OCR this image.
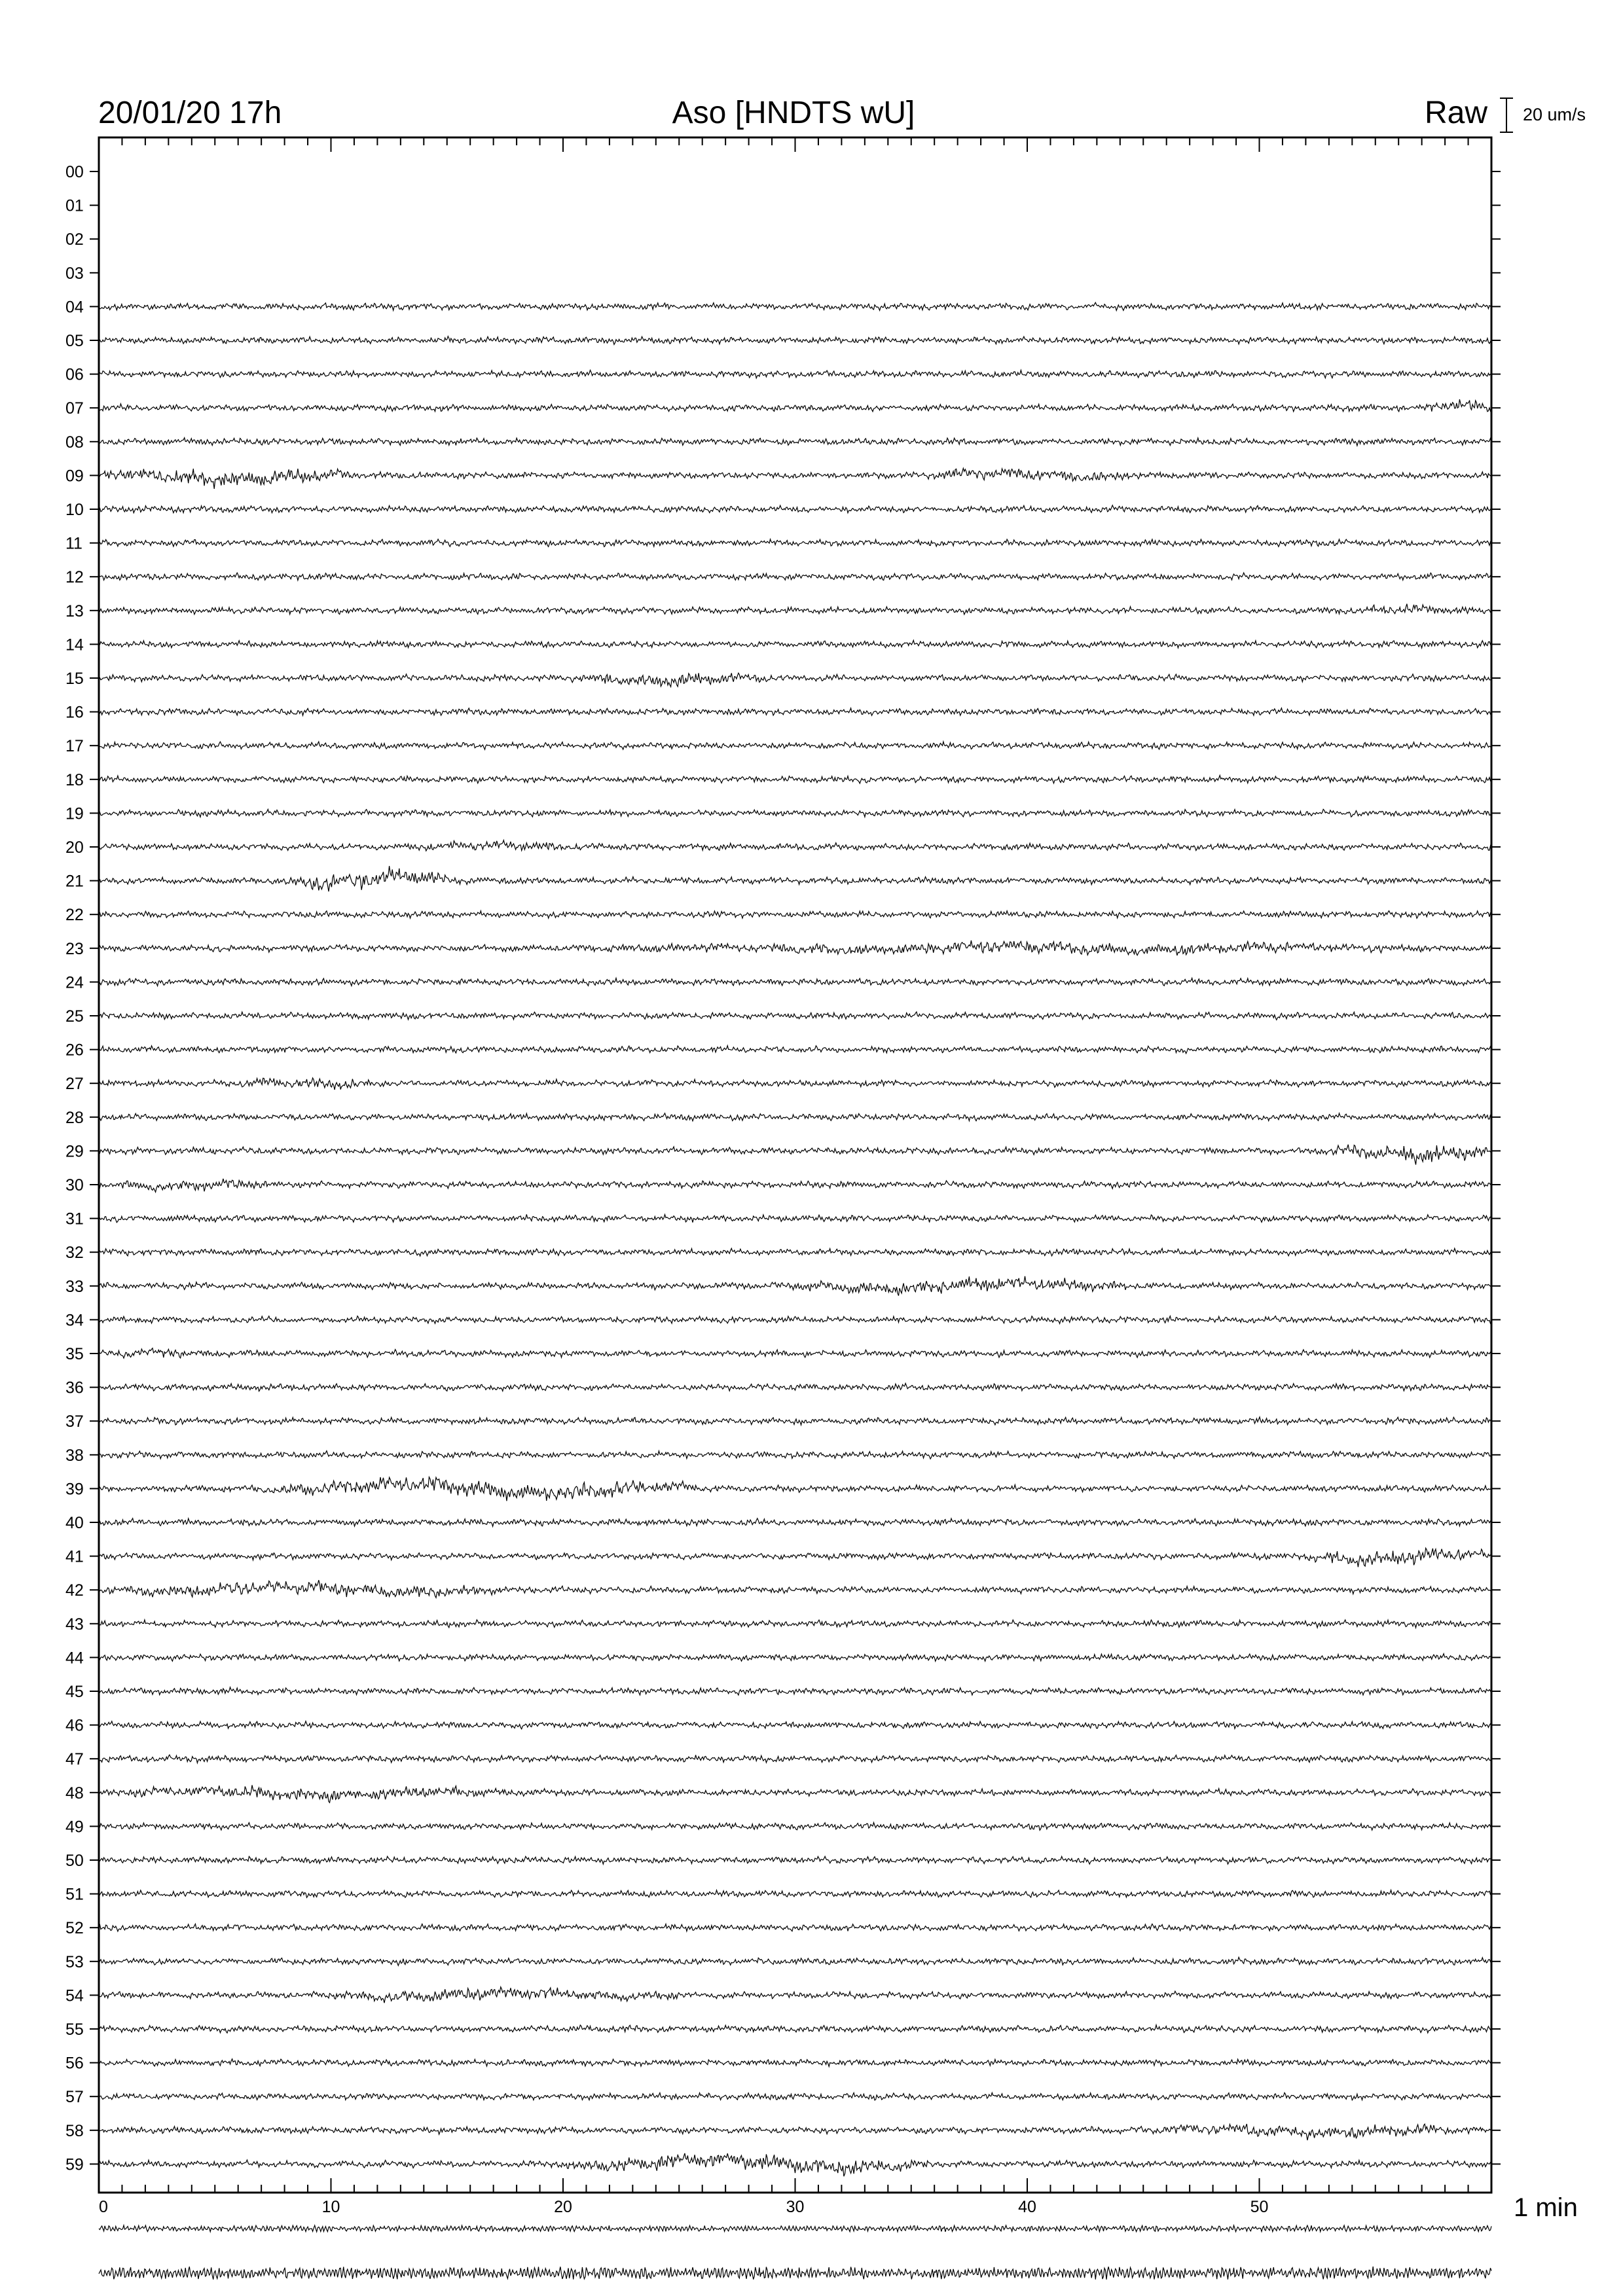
20/01/20 17h	Aso [HNDTS wU]	Raw 20 um/s
00
01
02
03
04
05
06
07
08
09
10
11
12
13
14
15
16
17
18
19
20
21
22
23
24
25
26
27
28
29
30
31
32
33
34
35
36
37
38
39
40
41
42
43
44
45
46
47
48
49
50
51
52
53
54
55
56
57
58
59
0	10	20	30	40	50	1 min
